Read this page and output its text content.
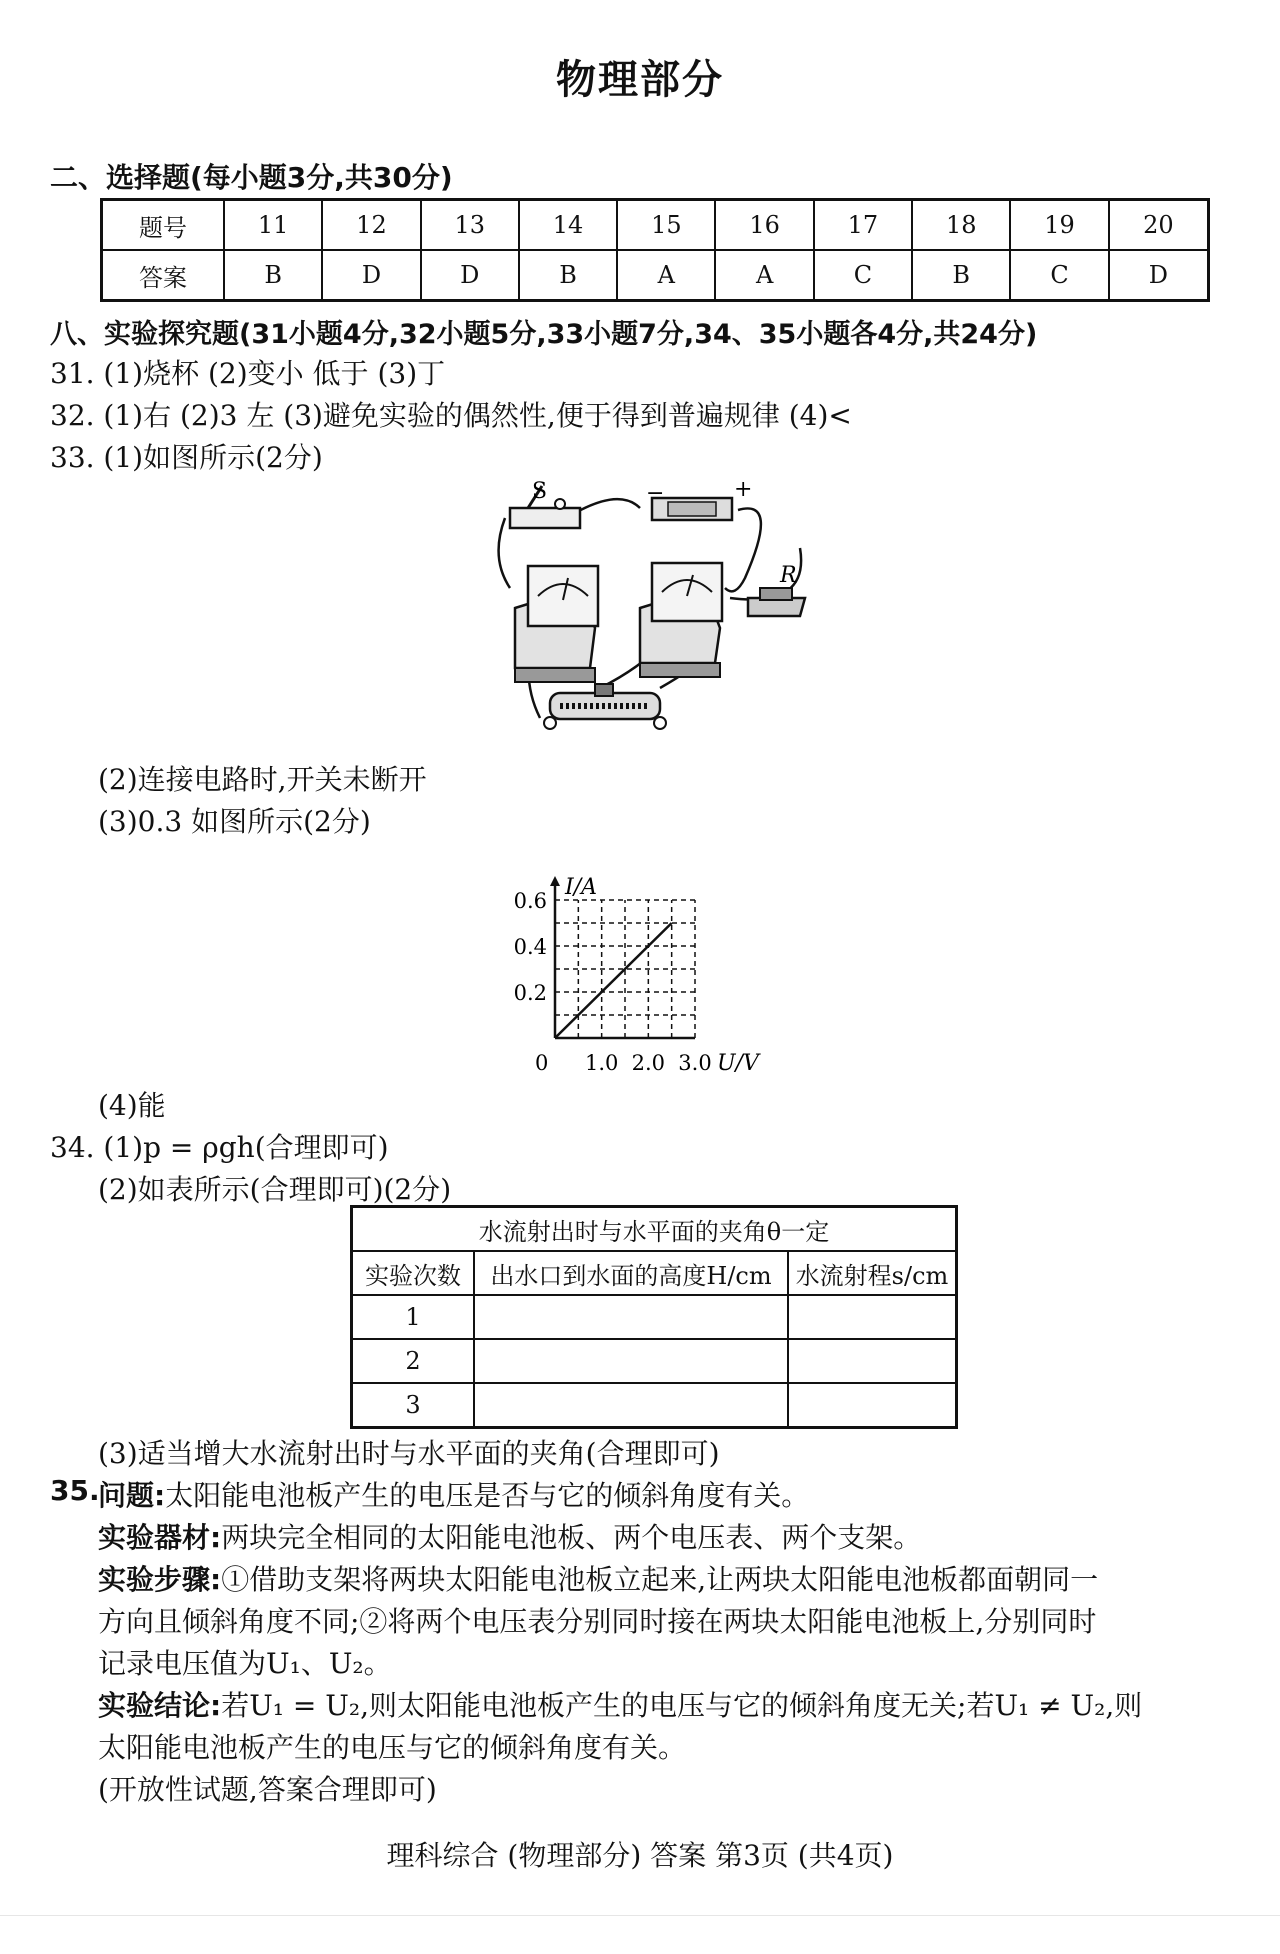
物理部分
二、选择题(每小题3分,共30分)
题号	11	12	13	14	15	16	17	18	19	20
答案	B	D	D	B	A	A	C	B	C	D
八、实验探究题(31小题4分,32小题5分,33小题7分,34、35小题各4分,共24分)
31. (1)烧杯 (2)变小 低于 (3)丁
32. (1)右 (2)3 左 (3)避免实验的偶然性,便于得到普遍规律 (4)<
33. (1)如图所示(2分)
S	−	+
R
(2)连接电路时,开关未断开
(3)0.3 如图所示(2分)
0 1.0 2.0 3.0
0.2
0.4
0.6
I/A
U/V
(4)能
34. (1)p = ρgh(合理即可)
(2)如表所示(合理即可)(2分)
水流射出时与水平面的夹角θ一定		
实验次数	出水口到水面的高度H/cm	水流射程s/cm
1		
2		
3		
(3)适当增大水流射出时与水平面的夹角(合理即可)
35.
问题:太阳能电池板产生的电压是否与它的倾斜角度有关。
实验器材:两块完全相同的太阳能电池板、两个电压表、两个支架。
实验步骤:①借助支架将两块太阳能电池板立起来,让两块太阳能电池板都面朝同一
方向且倾斜角度不同;②将两个电压表分别同时接在两块太阳能电池板上,分别同时
记录电压值为U₁、U₂。
实验结论:若U₁ = U₂,则太阳能电池板产生的电压与它的倾斜角度无关;若U₁ ≠ U₂,则
太阳能电池板产生的电压与它的倾斜角度有关。
(开放性试题,答案合理即可)
理科综合 (物理部分) 答案 第3页 (共4页)
